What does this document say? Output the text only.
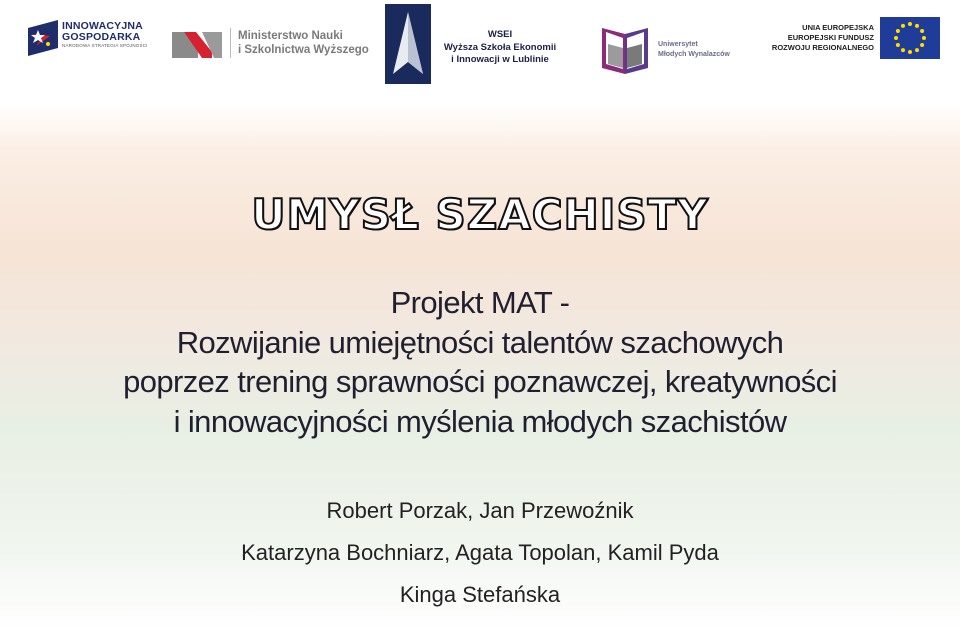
INNOWACYJNA
GOSPODARKA
NARODOWA STRATEGIA SPÓJNOŚCI
Ministerstwo Nauki
i Szkolnictwa Wyższego
WSEI
Wyższa Szkoła Ekonomii
i Innowacji w Lublinie
Uniwersytet
Młodych Wynalazców
UNIA EUROPEJSKA
EUROPEJSKI FUNDUSZ
ROZWOJU REGIONALNEGO
UMYSŁ SZACHISTY
Projekt MAT -
Rozwijanie umiejętności talentów szachowych
poprzez trening sprawności poznawczej, kreatywności
i innowacyjności myślenia młodych szachistów
Robert Porzak, Jan Przewoźnik
Katarzyna Bochniarz, Agata Topolan, Kamil Pyda
Kinga Stefańska
